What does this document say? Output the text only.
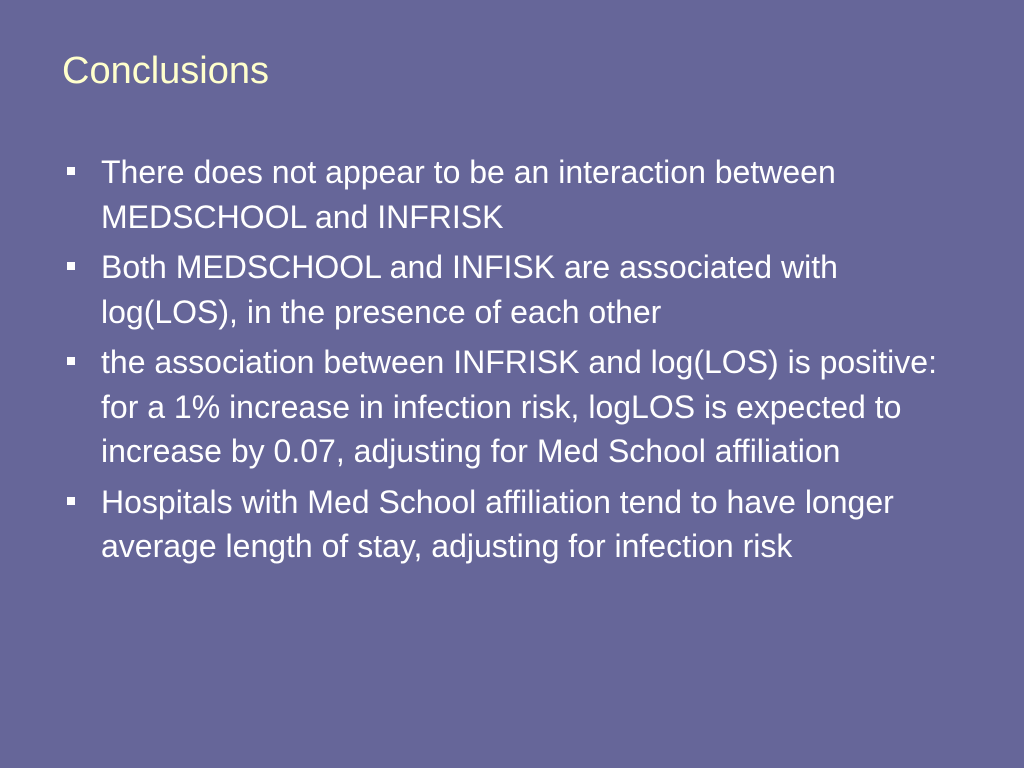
Conclusions
There does not appear to be an interaction between MEDSCHOOL and INFRISK
Both MEDSCHOOL and INFISK are associated with log(LOS), in the presence of each other
the association between INFRISK and log(LOS) is positive:  for a 1% increase in infection risk, logLOS is expected to increase by 0.07, adjusting for Med School affiliation
Hospitals with Med School affiliation tend to have longer average length of stay, adjusting for infection risk
